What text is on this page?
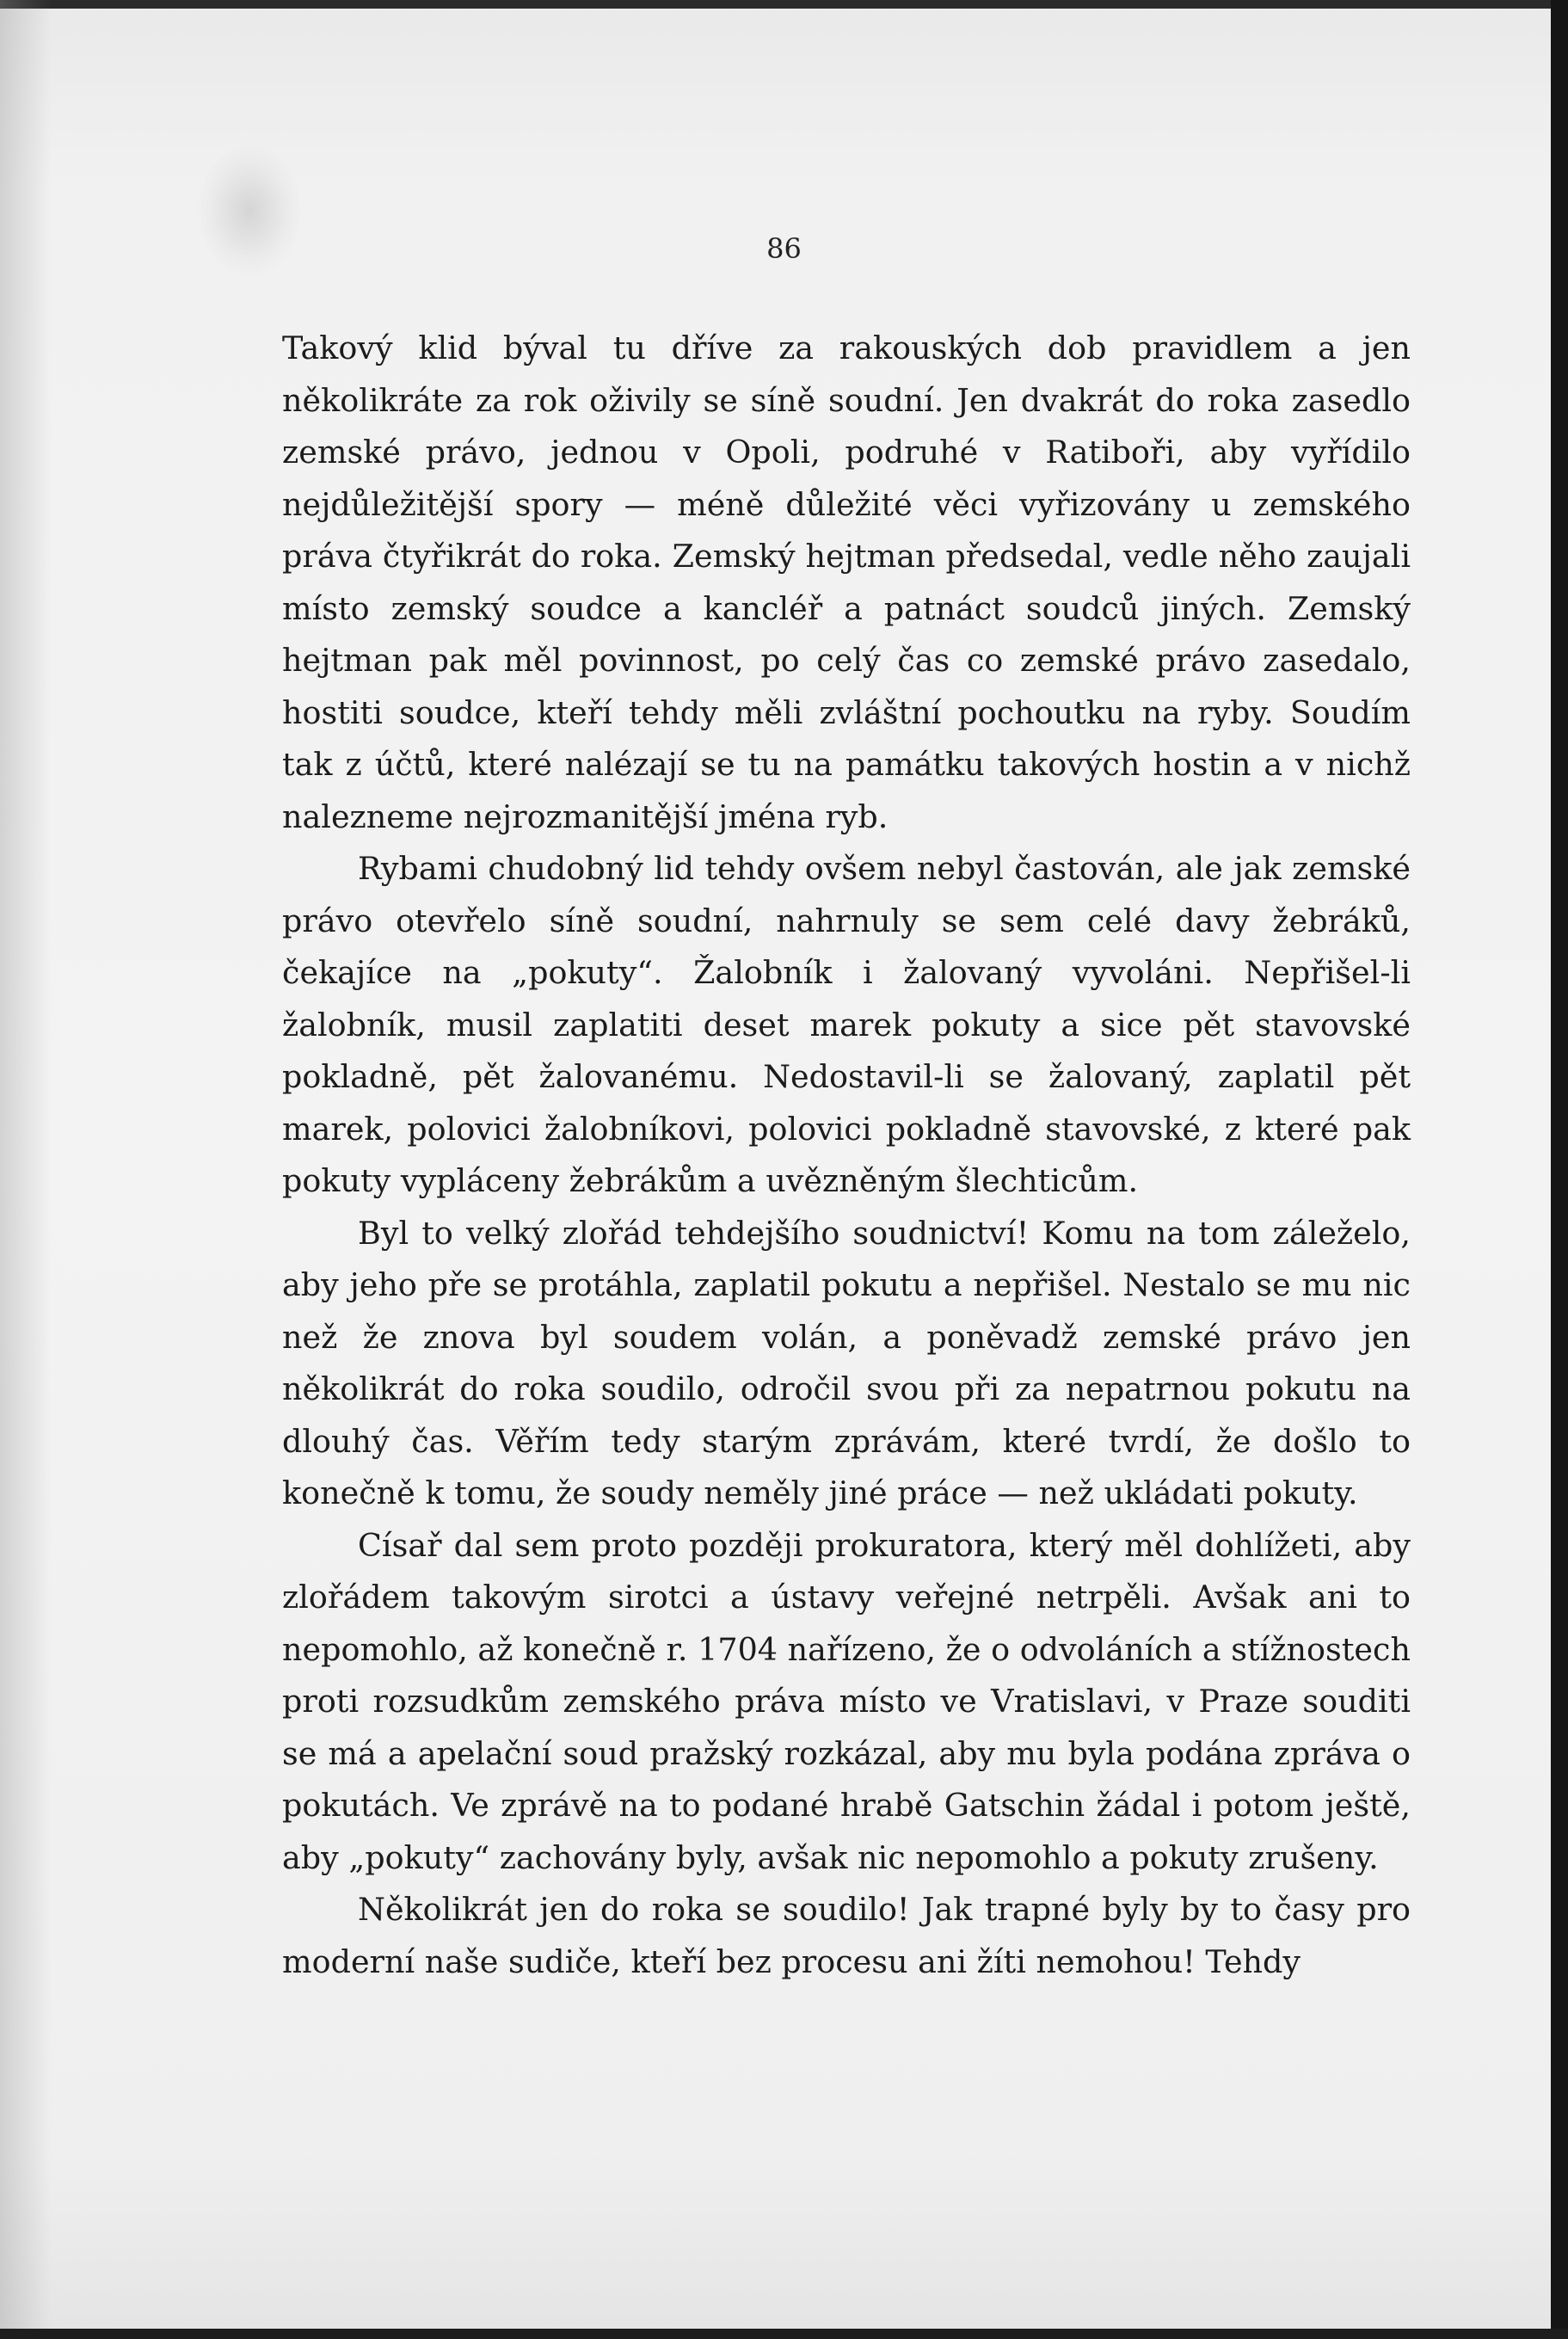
86

Takový klid býval tu dříve za rakouských dob pravidlem a jen několikráte za rok oživily se síně soudní. Jen dvakrát do roka zasedlo zemské právo, jednou v Opoli, podruhé v Ratiboři, aby vyřídilo nejdůležitější spory — méně důležité věci vyřizovány u zemského práva čtyřikrát do roka. Zemský hejtman předsedal, vedle něho zaujali místo zemský soudce a kancléř a patnáct soudců jiných. Zemský hejtman pak měl povinnost, po celý čas co zemské právo zasedalo, hostiti soudce, kteří tehdy měli zvláštní pochoutku na ryby. Soudím tak z účtů, které nalézají se tu na památku takových hostin a v nichž nalezneme nejrozmanitější jména ryb.

Rybami chudobný lid tehdy ovšem nebyl častován, ale jak zemské právo otevřelo síně soudní, nahrnuly se sem celé davy žebráků, čekajíce na „pokuty“. Žalobník i žalovaný vyvoláni. Nepřišel-li žalobník, musil zaplatiti deset marek pokuty a sice pět stavovské pokladně, pět žalovanému. Nedostavil-li se žalovaný, zaplatil pět marek, polovici žalobníkovi, polovici pokladně stavovské, z které pak pokuty vypláceny žebrákům a uvězněným šlechticům.

Byl to velký zlořád tehdejšího soudnictví! Komu na tom záleželo, aby jeho pře se protáhla, zaplatil pokutu a nepřišel. Nestalo se mu nic než že znova byl soudem volán, a poněvadž zemské právo jen několikrát do roka soudilo, odročil svou při za nepatrnou pokutu na dlouhý čas. Věřím tedy starým zprávám, které tvrdí, že došlo to konečně k tomu, že soudy neměly jiné práce — než ukládati pokuty.

Císař dal sem proto později prokuratora, který měl dohlížeti, aby zlořádem takovým sirotci a ústavy veřejné netrpěli. Avšak ani to nepomohlo, až konečně r. 1704 nařízeno, že o odvoláních a stížnostech proti rozsudkům zemského práva místo ve Vratislavi, v Praze souditi se má a apelační soud pražský rozkázal, aby mu byla podána zpráva o pokutách. Ve zprávě na to podané hrabě Gatschin žádal i potom ještě, aby „pokuty“ zachovány byly, avšak nic nepomohlo a pokuty zrušeny.

Několikrát jen do roka se soudilo! Jak trapné byly by to časy pro moderní naše sudiče, kteří bez procesu ani žíti nemohou! Tehdy
